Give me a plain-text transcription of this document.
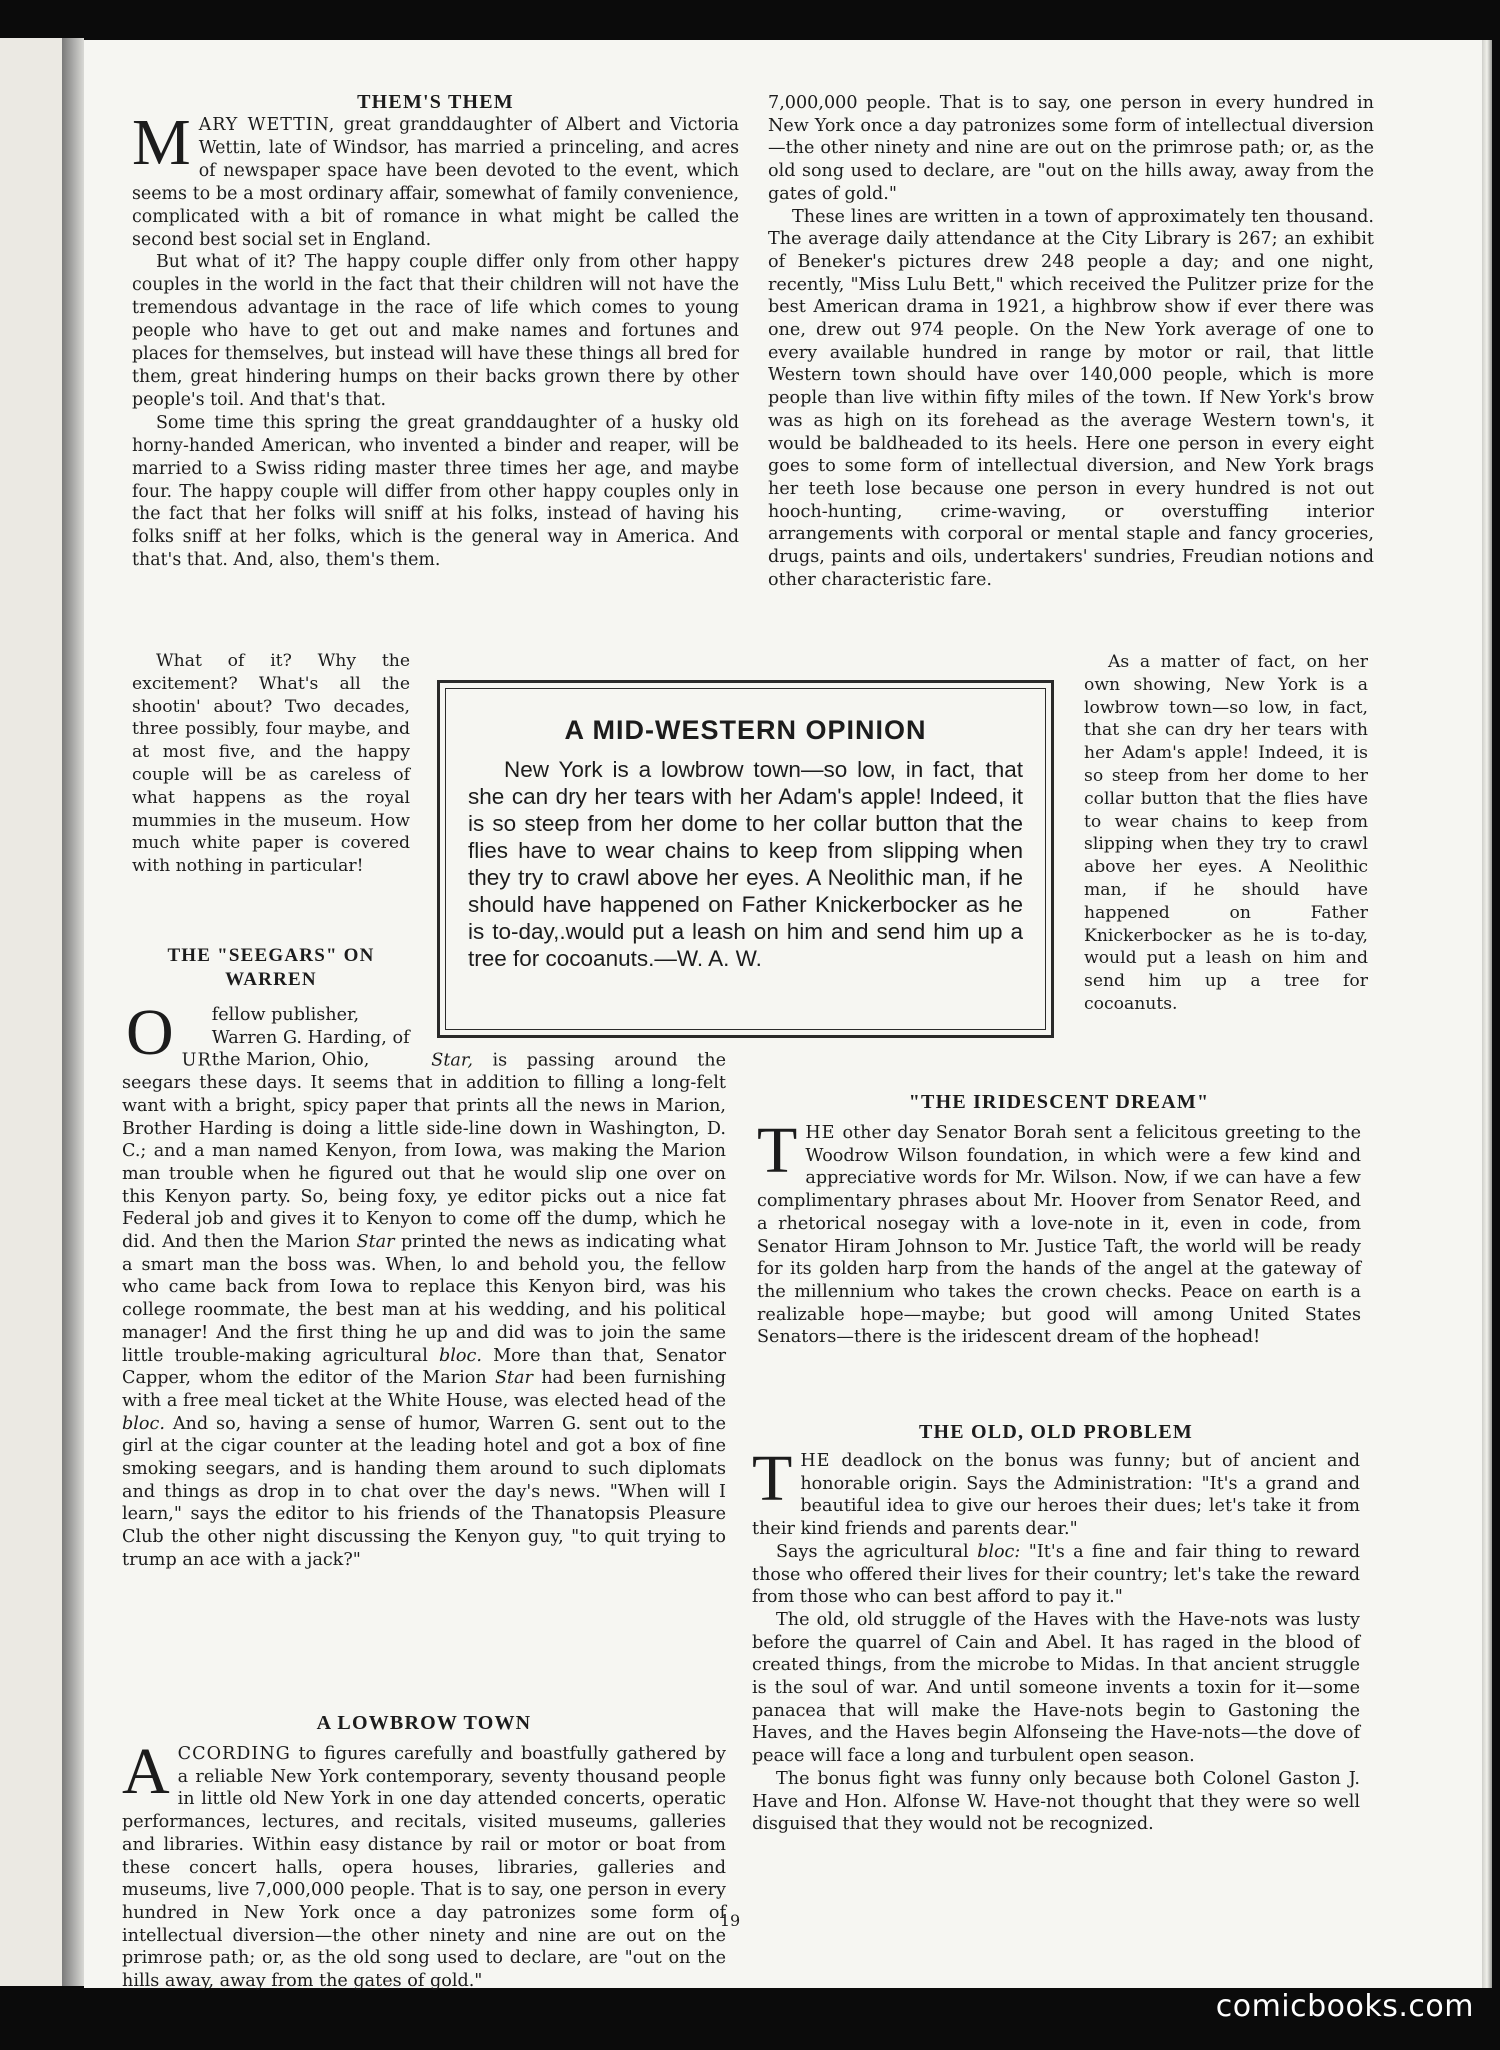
THEM'S THEM

MARY WETTIN, great granddaughter of Albert and Victoria Wettin, late of Windsor, has married a princeling, and acres of newspaper space have been devoted to the event, which seems to be a most ordinary affair, somewhat of family convenience, complicated with a bit of romance in what might be called the second best social set in England.

But what of it? The happy couple differ only from other happy couples in the world in the fact that their children will not have the tremendous advantage in the race of life which comes to young people who have to get out and make names and fortunes and places for themselves, but instead will have these things all bred for them, great hindering humps on their backs grown there by other people's toil. And that's that.

Some time this spring the great granddaughter of a husky old horny-handed American, who invented a binder and reaper, will be married to a Swiss riding master three times her age, and maybe four. The happy couple will differ from other happy couples only in the fact that her folks will sniff at his folks, instead of having his folks sniff at her folks, which is the general way in America. And that's that. And, also, them's them.

What of it? Why the excitement? What's all the shootin' about? Two decades, three possibly, four maybe, and at most five, and the happy couple will be as careless of what happens as the royal mummies in the museum. How much white paper is covered with nothing in particular!

THE "SEEGARS" ON WARREN

OURfellow publisher, Warren G. Harding, of the Marion, Ohio,	Star, is passing around the seegars these days. It seems that in addition to filling a long-felt want with a bright, spicy paper that prints all the news in Marion, Brother Harding is doing a little side-line down in Washington, D. C.; and a man named Kenyon, from Iowa, was making the Marion man trouble when he figured out that he would slip one over on this Kenyon party. So, being foxy, ye editor picks out a nice fat Federal job and gives it to Kenyon to come off the dump, which he did. And then the Marion Star printed the news as indicating what a smart man the boss was. When, lo and behold you, the fellow who came back from Iowa to replace this Kenyon bird, was his college roommate, the best man at his wedding, and his political manager! And the first thing he up and did was to join the same little trouble-making agricultural bloc. More than that, Senator Capper, whom the editor of the Marion Star had been furnishing with a free meal ticket at the White House, was elected head of the bloc. And so, having a sense of humor, Warren G. sent out to the girl at the cigar counter at the leading hotel and got a box of fine smoking seegars, and is handing them around to such diplomats and things as drop in to chat over the day's news. "When will I learn," says the editor to his friends of the Thanatopsis Pleasure Club the other night discussing the Kenyon guy, "to quit trying to trump an ace with a jack?"

A LOWBROW TOWN

ACCORDING to figures carefully and boastfully gathered by a reliable New York contemporary, seventy thousand people in little old New York in one day attended concerts, operatic performances, lectures, and recitals, visited museums, galleries and libraries. Within easy distance by rail or motor or boat from these concert halls, opera houses, libraries, galleries and museums, live 7,000,000 people. That is to say, one person in every hundred in New York once a day patronizes some form of intellectual diversion—the other ninety and nine are out on the primrose path; or, as the old song used to declare, are "out on the hills away, away from the gates of gold."

7,000,000 people. That is to say, one person in every hundred in New York once a day patronizes some form of intellectual diversion—the other ninety and nine are out on the primrose path; or, as the old song used to declare, are "out on the hills away, away from the gates of gold."

These lines are written in a town of approximately ten thousand. The average daily attendance at the City Library is 267; an exhibit of Beneker's pictures drew 248 people a day; and one night, recently, "Miss Lulu Bett," which received the Pulitzer prize for the best American drama in 1921, a highbrow show if ever there was one, drew out 974 people. On the New York average of one to every available hundred in range by motor or rail, that little Western town should have over 140,000 people, which is more people than live within fifty miles of the town. If New York's brow was as high on its forehead as the average Western town's, it would be baldheaded to its heels. Here one person in every eight goes to some form of intellectual diversion, and New York brags her teeth lose because one person in every hundred is not out hooch-hunting, crime-waving, or overstuffing interior arrangements with corporal or mental staple and fancy groceries, drugs, paints and oils, undertakers' sundries, Freudian notions and other characteristic fare.

As a matter of fact, on her own showing, New York is a lowbrow town—so low, in fact, that she can dry her tears with her Adam's apple! Indeed, it is so steep from her dome to her collar button that the flies have to wear chains to keep from slipping when they try to crawl above her eyes. A Neolithic man, if he should have happened on Father Knickerbocker as he is to-day, would put a leash on him and send him up a tree for cocoanuts.

A MID-WESTERN OPINION

New York is a lowbrow town—so low, in fact, that she can dry her tears with her Adam's apple! Indeed, it is so steep from her dome to her collar button that the flies have to wear chains to keep from slipping when they try to crawl above her eyes. A Neolithic man, if he should have happened on Father Knickerbocker as he is to-day,.would put a leash on him and send him up a tree for cocoanuts.—W. A. W.

"THE IRIDESCENT DREAM"

THE other day Senator Borah sent a felicitous greeting to the Woodrow Wilson foundation, in which were a few kind and appreciative words for Mr. Wilson. Now, if we can have a few complimentary phrases about Mr. Hoover from Senator Reed, and a rhetorical nosegay with a love-note in it, even in code, from Senator Hiram Johnson to Mr. Justice Taft, the world will be ready for its golden harp from the hands of the angel at the gateway of the millennium who takes the crown checks. Peace on earth is a realizable hope—maybe; but good will among United States Senators—there is the iridescent dream of the hophead!

THE OLD, OLD PROBLEM

THE deadlock on the bonus was funny; but of ancient and honorable origin. Says the Administration: "It's a grand and beautiful idea to give our heroes their dues; let's take it from their kind friends and parents dear."

Says the agricultural bloc: "It's a fine and fair thing to reward those who offered their lives for their country; let's take the reward from those who can best afford to pay it."

The old, old struggle of the Haves with the Have-nots was lusty before the quarrel of Cain and Abel. It has raged in the blood of created things, from the microbe to Midas. In that ancient struggle is the soul of war. And until someone invents a toxin for it—some panacea that will make the Have-nots begin to Gastoning the Haves, and the Haves begin Alfonseing the Have-nots—the dove of peace will face a long and turbulent open season.

The bonus fight was funny only because both Colonel Gaston J. Have and Hon. Alfonse W. Have-not thought that they were so well disguised that they would not be recognized.

19
comicbooks.com
